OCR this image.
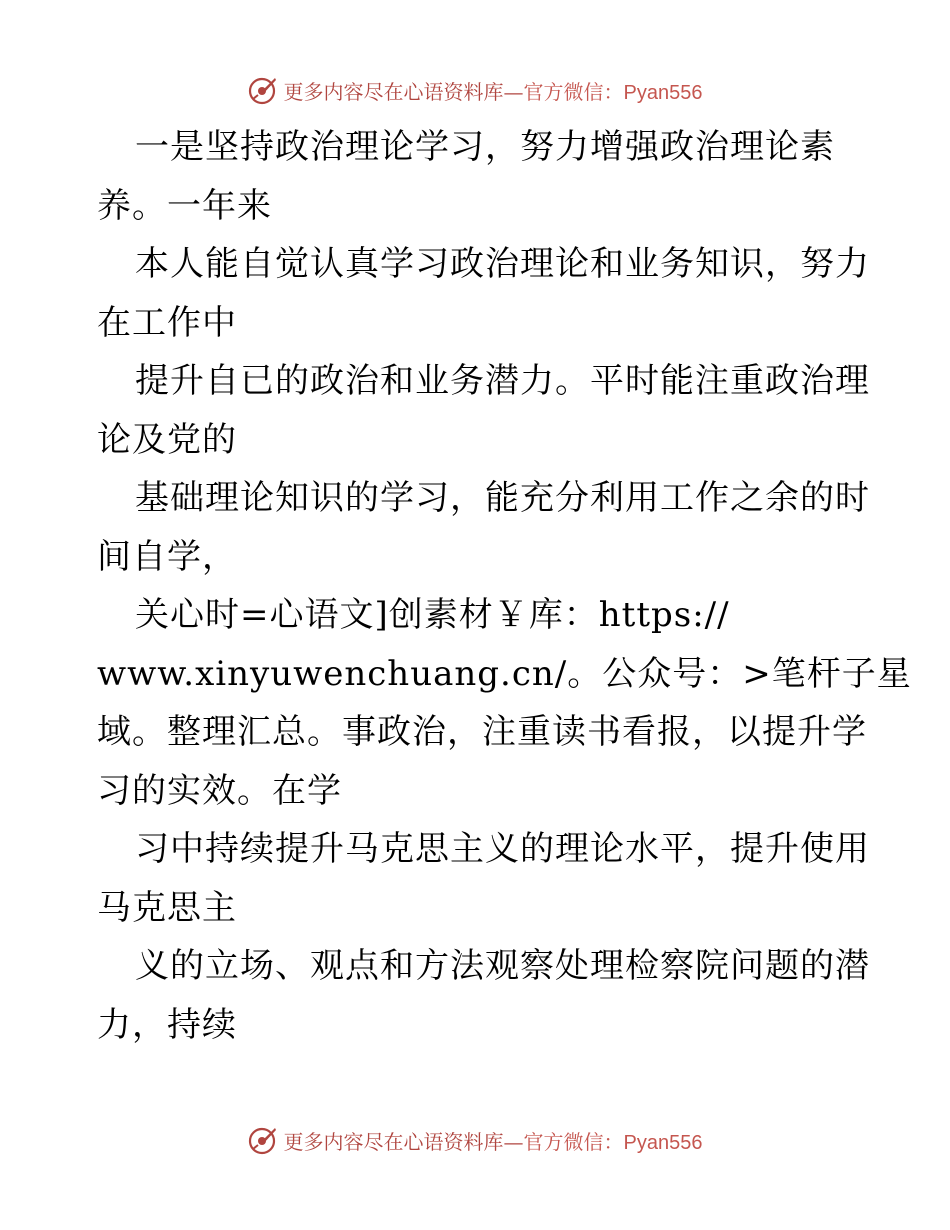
更多内容尽在心语资料库—官方微信：Pyan556
一是坚持政治理论学习，努力增强政治理论素
养。一年来
本人能自觉认真学习政治理论和业务知识，努力
在工作中
提升自已的政治和业务潜力。平时能注重政治理
论及党的
基础理论知识的学习，能充分利用工作之余的时
间自学，
关心时=心语文]创素材￥库：https://
www.xinyuwenchuang.cn/。公众号：>笔杆子星
域。整理汇总。事政治，注重读书看报，以提升学
习的实效。在学
习中持续提升马克思主义的理论水平，提升使用
马克思主
义的立场、观点和方法观察处理检察院问题的潜
力，持续
更多内容尽在心语资料库—官方微信：Pyan556
